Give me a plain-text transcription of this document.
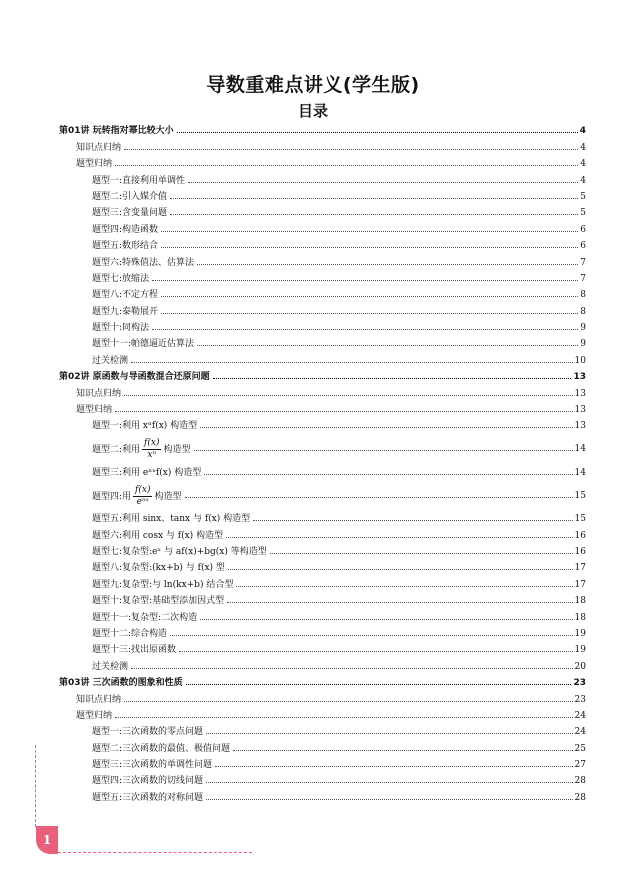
导数重难点讲义(学生版)
目录
第01讲 玩转指对幂比较大小	4
知识点归纳	4
题型归纳	4
题型一:直接利用单调性	4
题型二:引入媒介值	5
题型三:含变量问题	5
题型四:构造函数	6
题型五:数形结合	6
题型六:特殊值法、估算法	7
题型七:放缩法	7
题型八:不定方程	8
题型九:泰勒展开	8
题型十:同构法	9
题型十一:帕德逼近估算法	9
过关检测	10
第02讲 原函数与导函数混合还原问题	13
知识点归纳	13
题型归纳	13
题型一:利用 xⁿf(x) 构造型	13
题型二:利用 $\frac{f(x)}{\text{xⁿ}}$ 构造型	14
题型三:利用 eⁿˣf(x) 构造型	14
题型四:用 $\frac{f(x)}{\text{eⁿˣ}}$ 构造型	15
题型五:利用 sinx、tanx 与 f(x) 构造型	15
题型六:利用 cosx 与 f(x) 构造型	16
题型七:复杂型:eˣ 与 af(x)+bg(x) 等构造型	16
题型八:复杂型:(kx+b) 与 f(x) 型	17
题型九:复杂型:与 ln(kx+b) 结合型	17
题型十:复杂型:基础型添加因式型	18
题型十一:复杂型:二次构造	18
题型十二:综合构造	19
题型十三:找出原函数	19
过关检测	20
第03讲 三次函数的图象和性质	23
知识点归纳	23
题型归纳	24
题型一:三次函数的零点问题	24
题型二:三次函数的最值、极值问题	25
题型三:三次函数的单调性问题	27
题型四:三次函数的切线问题	28
题型五:三次函数的对称问题	28
1
